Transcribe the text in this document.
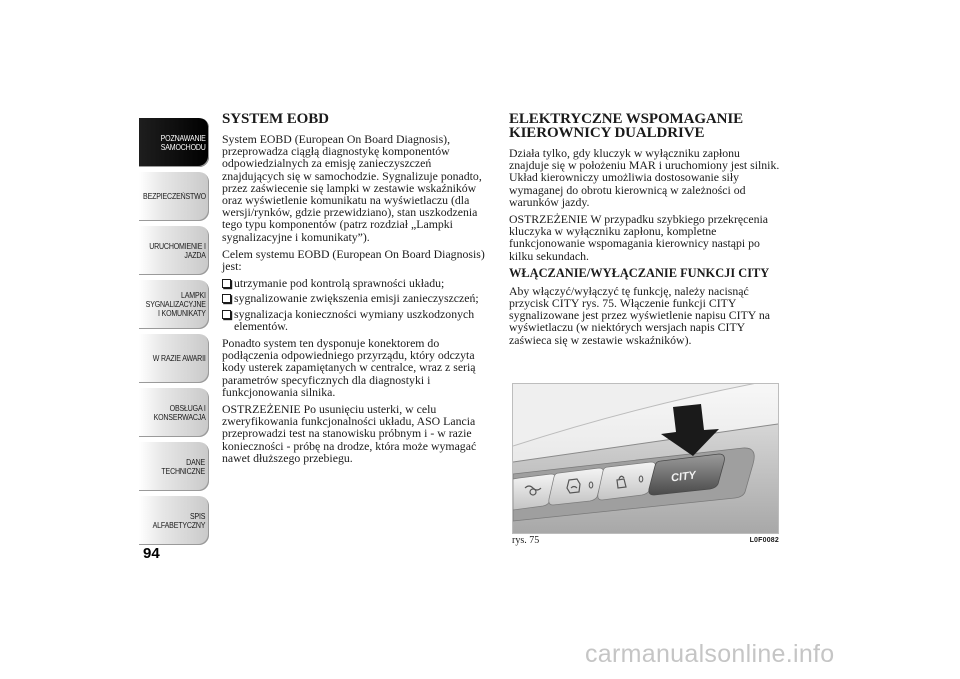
POZNAWANIE
SAMOCHODU
BEZPIECZEŃSTWO
URUCHOMIENIE I
JAZDA
LAMPKI
SYGNALIZACYJNE
I KOMUNIKATY
W RAZIE AWARII
OBSŁUGA I
KONSERWACJA
DANE
TECHNICZNE
SPIS
ALFABETYCZNY
94
SYSTEM EOBD

System EOBD (European On Board Diagnosis), przeprowadza ciągłą diagnostykę komponentów odpowiedzialnych za emisję zanieczyszczeń znajdujących się w samochodzie. Sygnalizuje ponadto, przez zaświecenie się lampki w zestawie wskaźników oraz wyświetlenie komunikatu na wyświetlaczu (dla wersji/rynków, gdzie przewidziano), stan uszkodzenia tego typu komponentów (patrz rozdział „Lampki sygnalizacyjne i komunikaty”).

Celem systemu EOBD (European On Board Diagnosis) jest:

utrzymanie pod kontrolą sprawności układu;
sygnalizowanie zwiększenia emisji zanieczyszczeń;
sygnalizacja konieczności wymiany uszkodzonych elementów.

Ponadto system ten dysponuje konektorem do podłączenia odpowiedniego przyrządu, który odczyta kody usterek zapamiętanych w centralce, wraz z serią parametrów specyficznych dla diagnostyki i funkcjonowania silnika.

OSTRZEŻENIE Po usunięciu usterki, w celu zweryfikowania funkcjonalności układu, ASO Lancia przeprowadzi test na stanowisku próbnym i - w razie konieczności - próbę na drodze, która może wymagać nawet dłuższego przebiegu.

ELEKTRYCZNE WSPOMAGANIE
KIEROWNICY DUALDRIVE

Działa tylko, gdy kluczyk w wyłączniku zapłonu znajduje się w położeniu MAR i uruchomiony jest silnik. Układ kierowniczy umożliwia dostosowanie siły wymaganej do obrotu kierownicą w zależności od warunków jazdy.

OSTRZEŻENIE W przypadku szybkiego przekręcenia kluczyka w wyłączniku zapłonu, kompletne funkcjonowanie wspomagania kierownicy nastąpi po kilku sekundach.

WŁĄCZANIE/WYŁĄCZANIE FUNKCJI CITY

Aby włączyć/wyłączyć tę funkcję, należy nacisnąć przycisk CITY rys. 75. Włączenie funkcji CITY sygnalizowane jest przez wyświetlenie napisu CITY na wyświetlaczu (w niektórych wersjach napis CITY zaświeca się w zestawie wskaźników).

CITY
rys. 75	L0F0082
carmanualsonline.info
